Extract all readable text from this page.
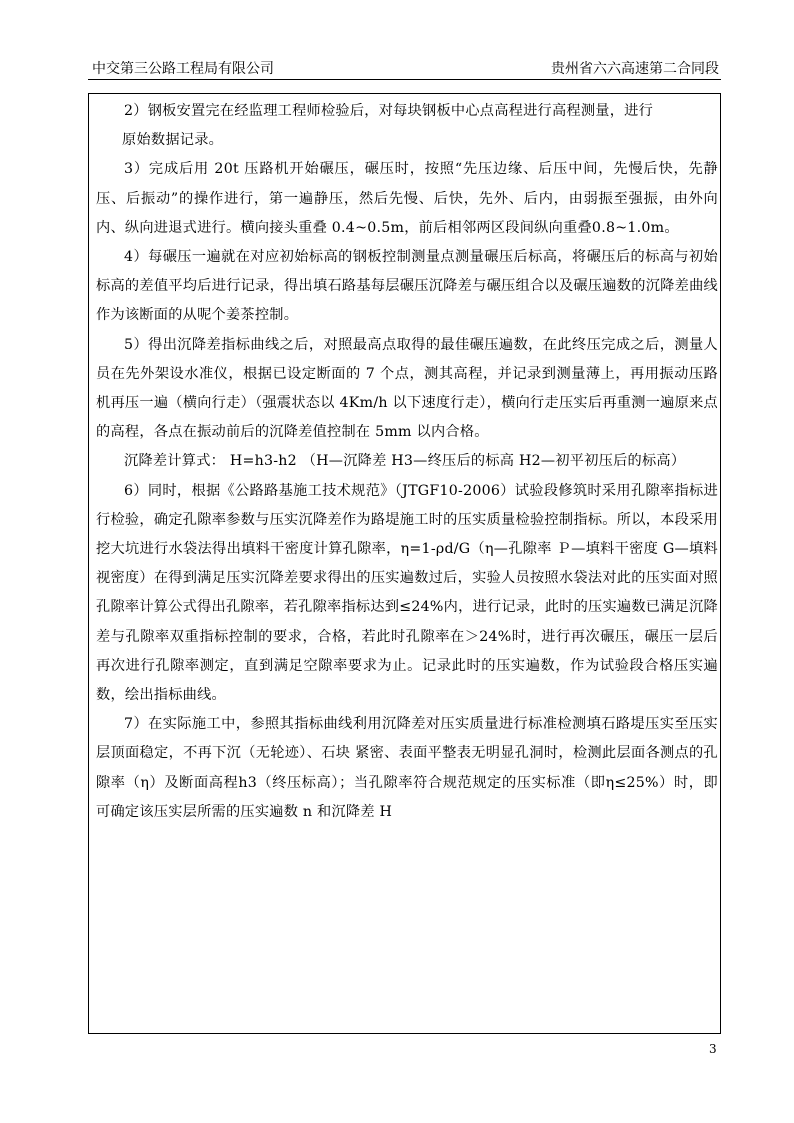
中交第三公路工程局有限公司	贵州省六六高速第二合同段

2）钢板安置完在经监理工程师检验后，对每块钢板中心点高程进行高程测量，进行

原始数据记录。

3）完成后用 20t 压路机开始碾压，碾压时，按照“先压边缘、后压中间，先慢后快，先静压、后振动”的操作进行，第一遍静压，然后先慢、后快，先外、后内，由弱振至强振，由外向内、纵向进退式进行。横向接头重叠 0.4~0.5m，前后相邻两区段间纵向重叠0.8~1.0m。

4）每碾压一遍就在对应初始标高的钢板控制测量点测量碾压后标高，将碾压后的标高与初始标高的差值平均后进行记录，得出填石路基每层碾压沉降差与碾压组合以及碾压遍数的沉降差曲线作为该断面的从呢个姜茶控制。

5）得出沉降差指标曲线之后，对照最高点取得的最佳碾压遍数，在此终压完成之后，测量人员在先外架设水准仪，根据已设定断面的 7 个点，测其高程，并记录到测量薄上，再用振动压路机再压一遍（横向行走）（强震状态以 4Km/h 以下速度行走），横向行走压实后再重测一遍原来点的高程，各点在振动前后的沉降差值控制在 5mm 以内合格。

沉降差计算式： H=h3-h2 （H—沉降差 H3—终压后的标高 H2—初平初压后的标高）

6）同时，根据《公路路基施工技术规范》（JTGF10-2006）试验段修筑时采用孔隙率指标进行检验，确定孔隙率参数与压实沉降差作为路堤施工时的压实质量检验控制指标。所以，本段采用挖大坑进行水袋法得出填料干密度计算孔隙率，η=1-ρd/G（η—孔隙率 Ｐ—填料干密度 G—填料视密度）在得到满足压实沉降差要求得出的压实遍数过后，实验人员按照水袋法对此的压实面对照孔隙率计算公式得出孔隙率，若孔隙率指标达到≤24%内，进行记录，此时的压实遍数已满足沉降差与孔隙率双重指标控制的要求，合格，若此时孔隙率在＞24%时，进行再次碾压，碾压一层后再次进行孔隙率测定，直到满足空隙率要求为止。记录此时的压实遍数，作为试验段合格压实遍数，绘出指标曲线。

7）在实际施工中，参照其指标曲线利用沉降差对压实质量进行标准检测填石路堤压实至压实层顶面稳定，不再下沉（无轮迹）、石块 紧密、表面平整表无明显孔洞时，检测此层面各测点的孔隙率（η）及断面高程h3（终压标高）；当孔隙率符合规范规定的压实标准（即η≤25%）时，即可确定该压实层所需的压实遍数 n 和沉降差 H

3
